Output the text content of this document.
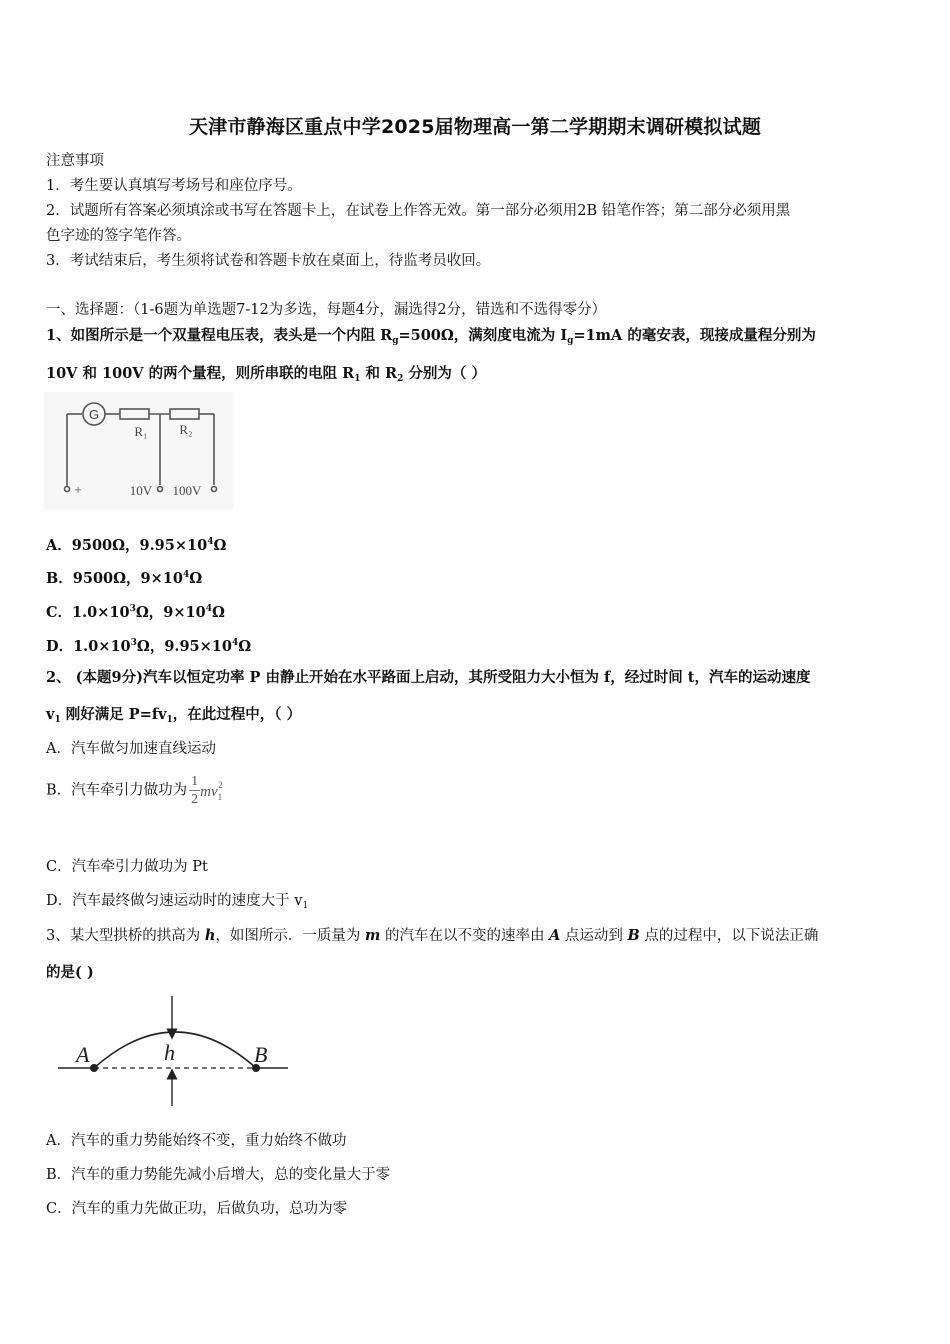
天津市静海区重点中学2025届物理高一第二学期期末调研模拟试题
注意事项
1．考生要认真填写考场号和座位序号。
2．试题所有答案必须填涂或书写在答题卡上，在试卷上作答无效。第一部分必须用2B 铅笔作答；第二部分必须用黑
色字迹的签字笔作答。
3．考试结束后，考生须将试卷和答题卡放在桌面上，待监考员收回。
一、选择题：（1-6题为单选题7-12为多选，每题4分，漏选得2分，错选和不选得零分）
1、如图所示是一个双量程电压表，表头是一个内阻 $R_g=500\Omega$，满刻度电流为 $I_g=1mA$ 的毫安表，现接成量程分别为
10V 和 100V 的两个量程，则所串联的电阻 $R_1$ 和 $R_2$ 分别为（ ）
G
R₁ R₂
+	10V 100V
A．9500Ω，$9.95\times 10^4\Omega$
B．9500Ω，$9\times 10^4\Omega$
C．$1.0\times 10^3\Omega$，$9\times 10^4\Omega$
D．$1.0\times 10^3\Omega$，$9.95\times 10^4\Omega$
2、 (本题9分)汽车以恒定功率 P 由静止开始在水平路面上启动，其所受阻力大小恒为 f，经过时间 t，汽车的运动速度
$v_1$ 刚好满足 $P=fv_1$，在此过程中，（ ）
A．汽车做匀加速直线运动
B．汽车牵引力做功为 $\frac{1}{2} mv_1^2$
C．汽车牵引力做功为 Pt
D．汽车最终做匀速运动时的速度大于 $v_1$
3、某大型拱桥的拱高为 h，如图所示．一质量为 m 的汽车在以不变的速率由 A 点运动到 B 点的过程中，以下说法正确
的是( )
A	h	B
A．汽车的重力势能始终不变，重力始终不做功
B．汽车的重力势能先减小后增大，总的变化量大于零
C．汽车的重力先做正功，后做负功，总功为零
